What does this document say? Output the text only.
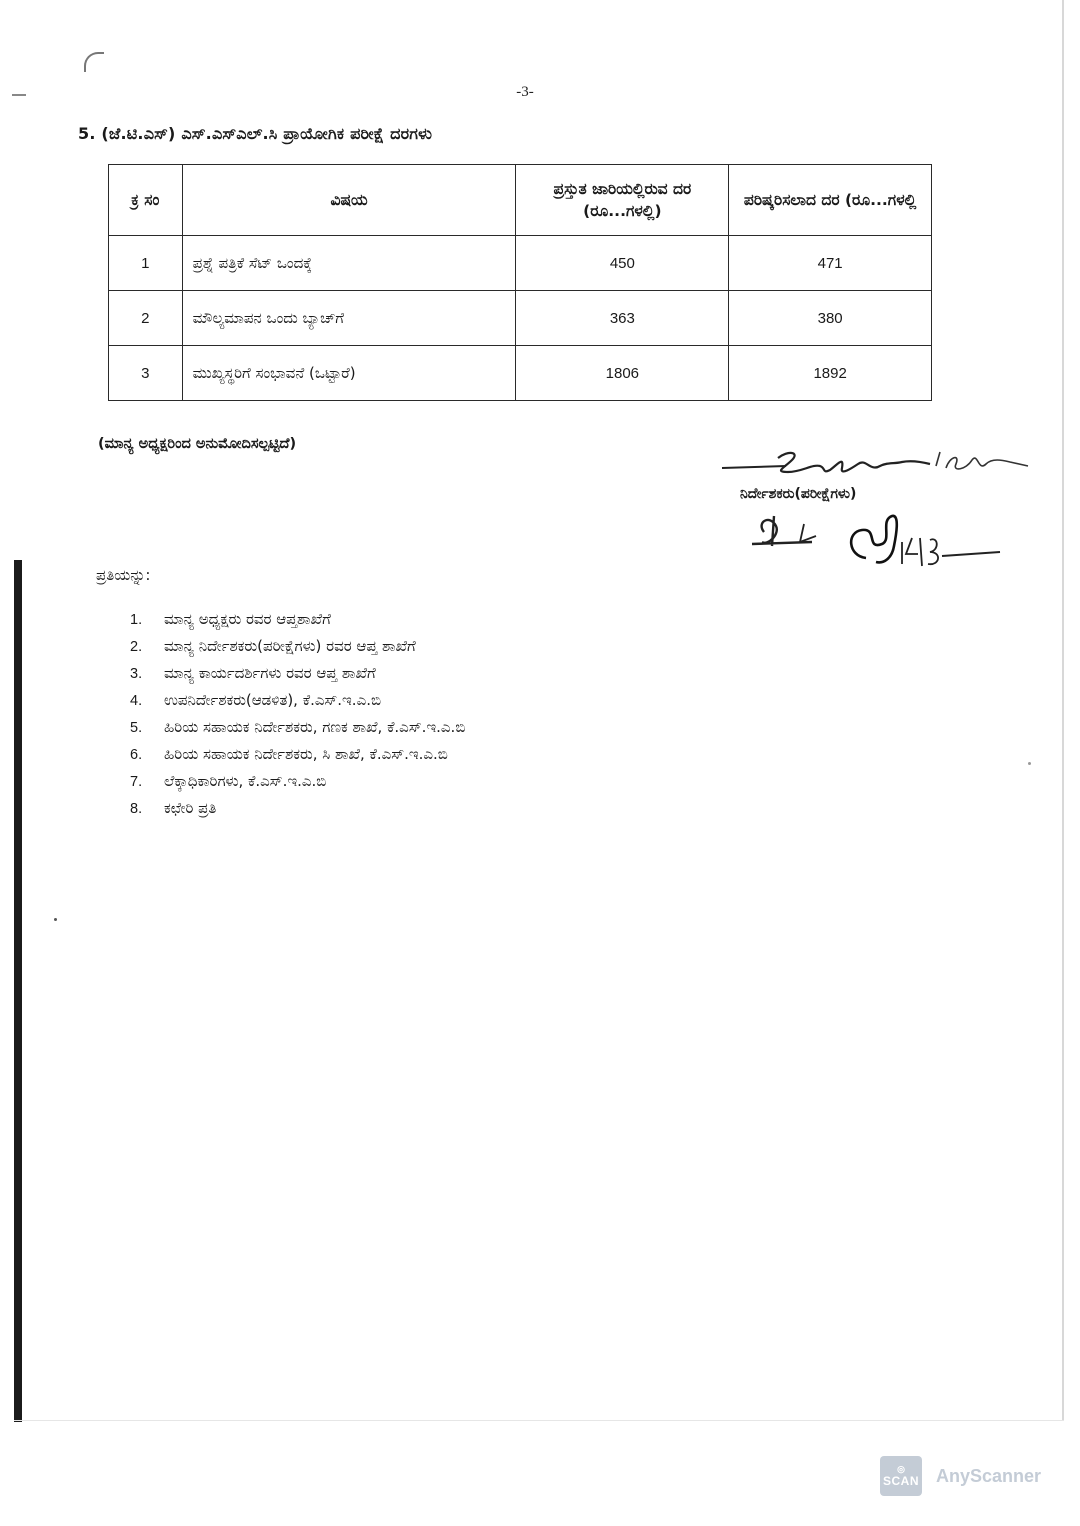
-3-
5. (ಜೆ.ಟಿ.ಎಸ್) ಎಸ್.ಎಸ್ಎಲ್.ಸಿ ಪ್ರಾಯೋಗಿಕ ಪರೀಕ್ಷೆ ದರಗಳು
ಕ್ರ ಸಂ	ವಿಷಯ	ಪ್ರಸ್ತುತ ಜಾರಿಯಲ್ಲಿರುವ ದರ (ರೂ...ಗಳಲ್ಲಿ)	ಪರಿಷ್ಕರಿಸಲಾದ ದರ (ರೂ...ಗಳಲ್ಲಿ
1	ಪ್ರಶ್ನೆ ಪತ್ರಿಕೆ ಸೆಟ್ ಒಂದಕ್ಕೆ	450	471
2	ಮೌಲ್ಯಮಾಪನ ಒಂದು ಬ್ಯಾಚ್‌ಗೆ	363	380
3	ಮುಖ್ಯಸ್ಥರಿಗೆ ಸಂಭಾವನೆ (ಒಟ್ಟಾರೆ)	1806	1892
(ಮಾನ್ಯ ಅಧ್ಯಕ್ಷರಿಂದ ಅನುಮೋದಿಸಲ್ಪಟ್ಟಿದೆ)
ನಿರ್ದೇಶಕರು(ಪರೀಕ್ಷೆಗಳು)
ಪ್ರತಿಯನ್ನು:
1. ಮಾನ್ಯ ಅಧ್ಯಕ್ಷರು ರವರ ಆಪ್ತಶಾಖೆಗೆ
2. ಮಾನ್ಯ ನಿರ್ದೇಶಕರು(ಪರೀಕ್ಷೆಗಳು) ರವರ ಆಪ್ತ ಶಾಖೆಗೆ
3. ಮಾನ್ಯ ಕಾರ್ಯದರ್ಶಿಗಳು ರವರ ಆಪ್ತ ಶಾಖೆಗೆ
4. ಉಪನಿರ್ದೇಶಕರು(ಆಡಳಿತ), ಕೆ.ಎಸ್.ಇ.ಎ.ಬಿ
5. ಹಿರಿಯ ಸಹಾಯಕ ನಿರ್ದೇಶಕರು, ಗಣಕ ಶಾಖೆ, ಕೆ.ಎಸ್.ಇ.ಎ.ಬಿ
6. ಹಿರಿಯ ಸಹಾಯಕ ನಿರ್ದೇಶಕರು, ಸಿ ಶಾಖೆ, ಕೆ.ಎಸ್.ಇ.ಎ.ಬಿ
7. ಲೆಕ್ಕಾಧಿಕಾರಿಗಳು, ಕೆ.ಎಸ್.ಇ.ಎ.ಬಿ
8. ಕಛೇರಿ ಪ್ರತಿ
◎
SCAN AnyScanner
